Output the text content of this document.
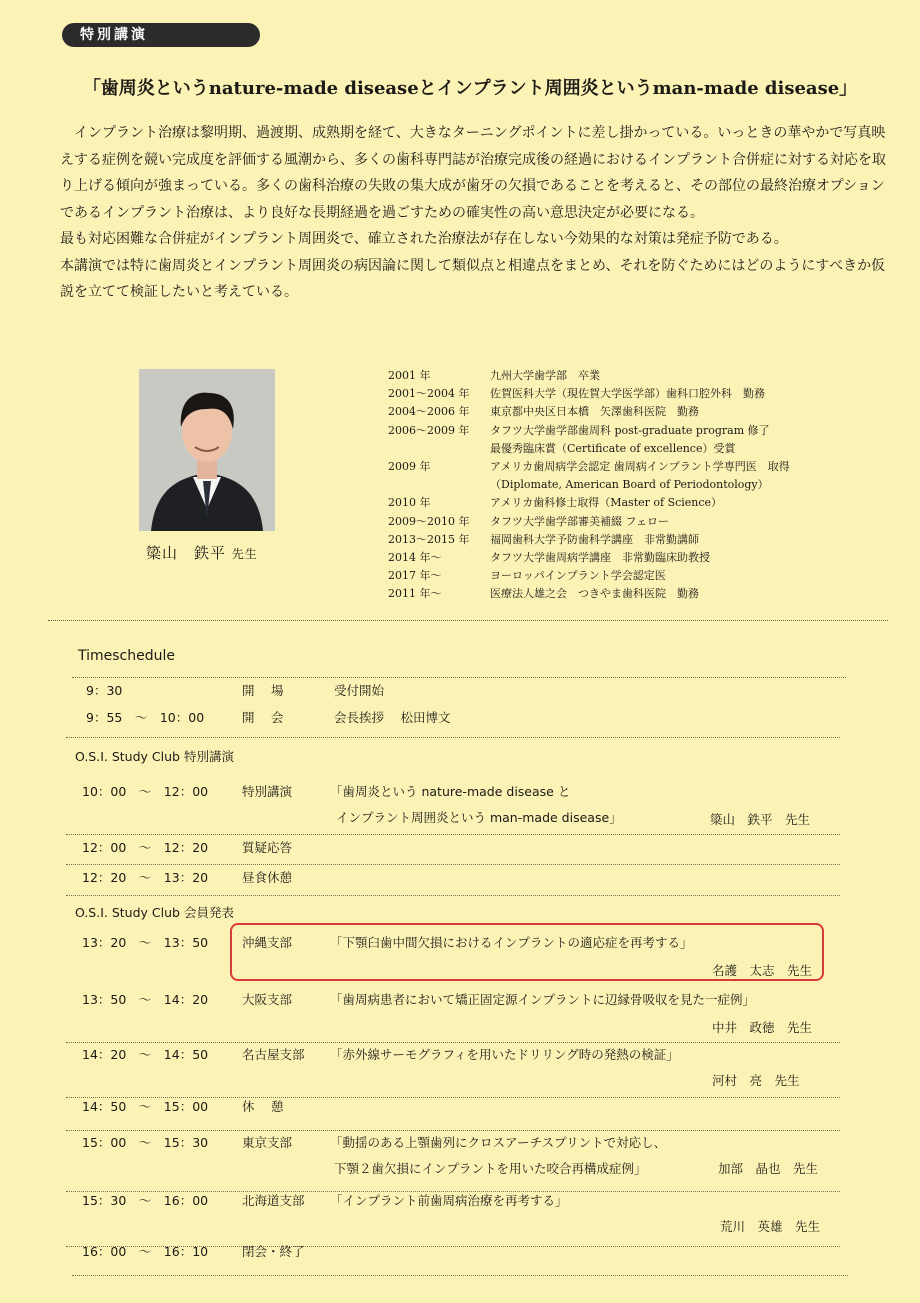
特別講演
「歯周炎というnature-made diseaseとインプラント周囲炎というman-made disease」

インプラント治療は黎明期、過渡期、成熟期を経て、大きなターニングポイントに差し掛かっている。いっときの華やかで写真映えする症例を競い完成度を評価する風潮から、多くの歯科専門誌が治療完成後の経過におけるインプラント合併症に対する対応を取り上げる傾向が強まっている。多くの歯科治療の失敗の集大成が歯牙の欠損であることを考えると、その部位の最終治療オプションであるインプラント治療は、より良好な長期経過を過ごすための確実性の高い意思決定が必要になる。

最も対応困難な合併症がインプラント周囲炎で、確立された治療法が存在しない今効果的な対策は発症予防である。

本講演では特に歯周炎とインプラント周囲炎の病因論に関して類似点と相違点をまとめ、それを防ぐためにはどのようにすべきか仮説を立てて検証したいと考えている。

簗山　鉄平 先生
2001 年	九州大学歯学部　卒業
2001～2004 年	佐賀医科大学（現佐賀大学医学部）歯科口腔外科　勤務
2004～2006 年	東京都中央区日本橋　矢澤歯科医院　勤務
2006～2009 年	タフツ大学歯学部歯周科 post-graduate program 修了
最優秀臨床賞（Certificate of excellence）受賞
2009 年	アメリカ歯周病学会認定 歯周病インプラント学専門医　取得
（Diplomate, American Board of Periodontology）
2010 年	アメリカ歯科修士取得（Master of Science）
2009～2010 年	タフツ大学歯学部審美補綴 フェロー
2013～2015 年	福岡歯科大学予防歯科学講座　非常勤講師
2014 年～	タフツ大学歯周病学講座　非常勤臨床助教授
2017 年～	ヨーロッパインプラント学会認定医
2011 年～	医療法人雄之会　つきやま歯科医院　勤務
Timeschedule
9：30	開　 場	受付開始
9：55　～　10：00	開　 会	会長挨拶　 松田博文
O.S.I. Study Club 特別講演
10：00　～　12：00	特別講演	「歯周炎という nature-made disease と
インプラント周囲炎という man-made disease」	簗山　鉄平　先生
12：00　～　12：20	質疑応答
12：20　～　13：20	昼食休憩
O.S.I. Study Club 会員発表
13：20　～　13：50	沖縄支部	「下顎臼歯中間欠損におけるインプラントの適応症を再考する」
名護　太志　先生
13：50　～　14：20	大阪支部	「歯周病患者において矯正固定源インプラントに辺縁骨吸収を見た一症例」
中井　政徳　先生
14：20　～　14：50	名古屋支部 「赤外線サーモグラフィを用いたドリリング時の発熱の検証」
河村　亮　先生
14：50　～　15：00	休　 憩
15：00　～　15：30	東京支部	「動揺のある上顎歯列にクロスアーチスプリントで対応し、
下顎２歯欠損にインプラントを用いた咬合再構成症例」	加部　晶也　先生
15：30　～　16：00	北海道支部 「インプラント前歯周病治療を再考する」
荒川　英雄　先生
16：00　～　16：10	閉会・終了
